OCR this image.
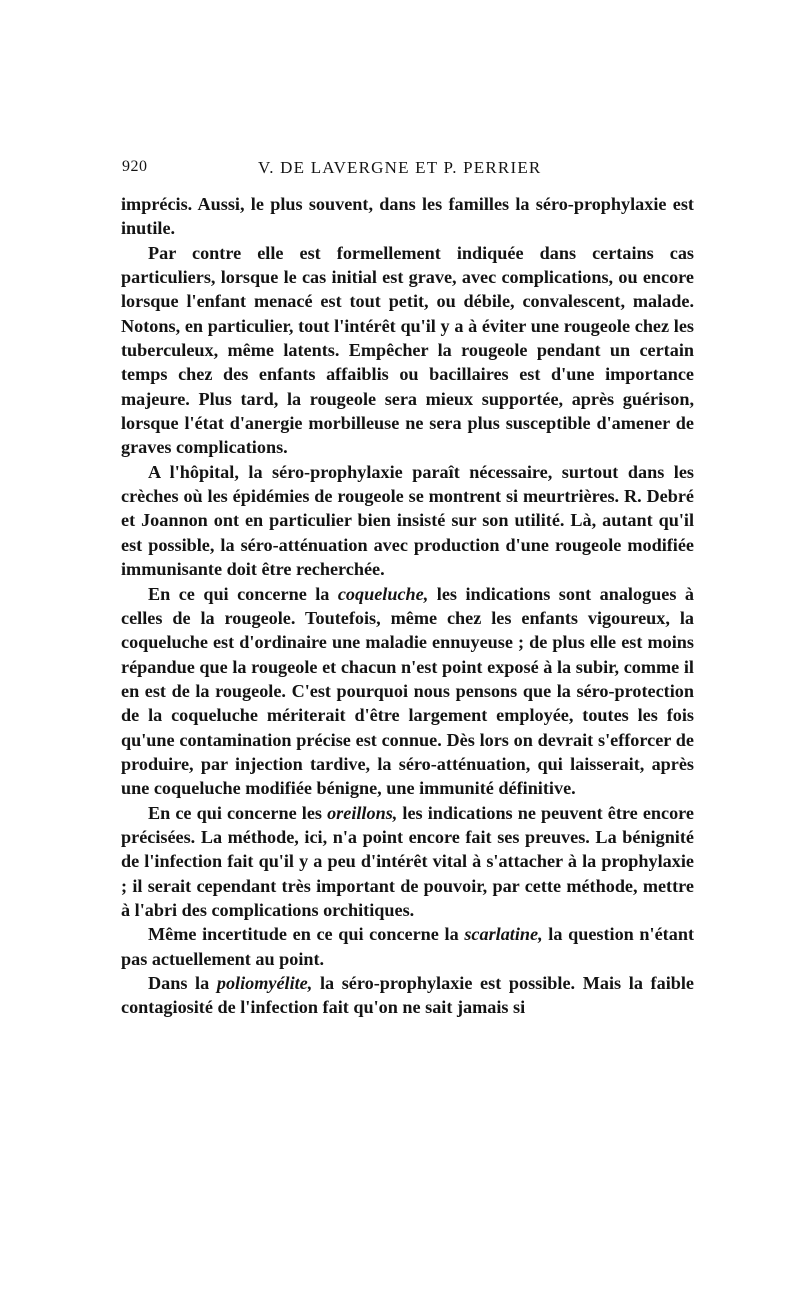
920	V. DE LAVERGNE ET P. PERRIER

imprécis. Aussi, le plus souvent, dans les familles la séro-prophylaxie est inutile.

Par contre elle est formellement indiquée dans certains cas particuliers, lorsque le cas initial est grave, avec complications, ou encore lorsque l'enfant menacé est tout petit, ou débile, convalescent, malade. Notons, en particulier, tout l'intérêt qu'il y a à éviter une rougeole chez les tuberculeux, même latents. Empêcher la rougeole pendant un certain temps chez des enfants affaiblis ou bacillaires est d'une importance majeure. Plus tard, la rougeole sera mieux supportée, après guérison, lorsque l'état d'anergie morbilleuse ne sera plus susceptible d'amener de graves complications.

A l'hôpital, la séro-prophylaxie paraît nécessaire, surtout dans les crèches où les épidémies de rougeole se montrent si meurtrières. R. Debré et Joannon ont en particulier bien insisté sur son utilité. Là, autant qu'il est possible, la séro-atténuation avec production d'une rougeole modifiée immunisante doit être recherchée.

En ce qui concerne la coqueluche, les indications sont analogues à celles de la rougeole. Toutefois, même chez les enfants vigoureux, la coqueluche est d'ordinaire une maladie ennuyeuse ; de plus elle est moins répandue que la rougeole et chacun n'est point exposé à la subir, comme il en est de la rougeole. C'est pourquoi nous pensons que la séro-protection de la coqueluche mériterait d'être largement employée, toutes les fois qu'une contamination précise est connue. Dès lors on devrait s'efforcer de produire, par injection tardive, la séro-atténuation, qui laisserait, après une coqueluche modifiée bénigne, une immunité définitive.

En ce qui concerne les oreillons, les indications ne peuvent être encore précisées. La méthode, ici, n'a point encore fait ses preuves. La bénignité de l'infection fait qu'il y a peu d'intérêt vital à s'attacher à la prophylaxie ; il serait cependant très important de pouvoir, par cette méthode, mettre à l'abri des complications orchitiques.

Même incertitude en ce qui concerne la scarlatine, la question n'étant pas actuellement au point.

Dans la poliomyélite, la séro-prophylaxie est possible. Mais la faible contagiosité de l'infection fait qu'on ne sait jamais si
